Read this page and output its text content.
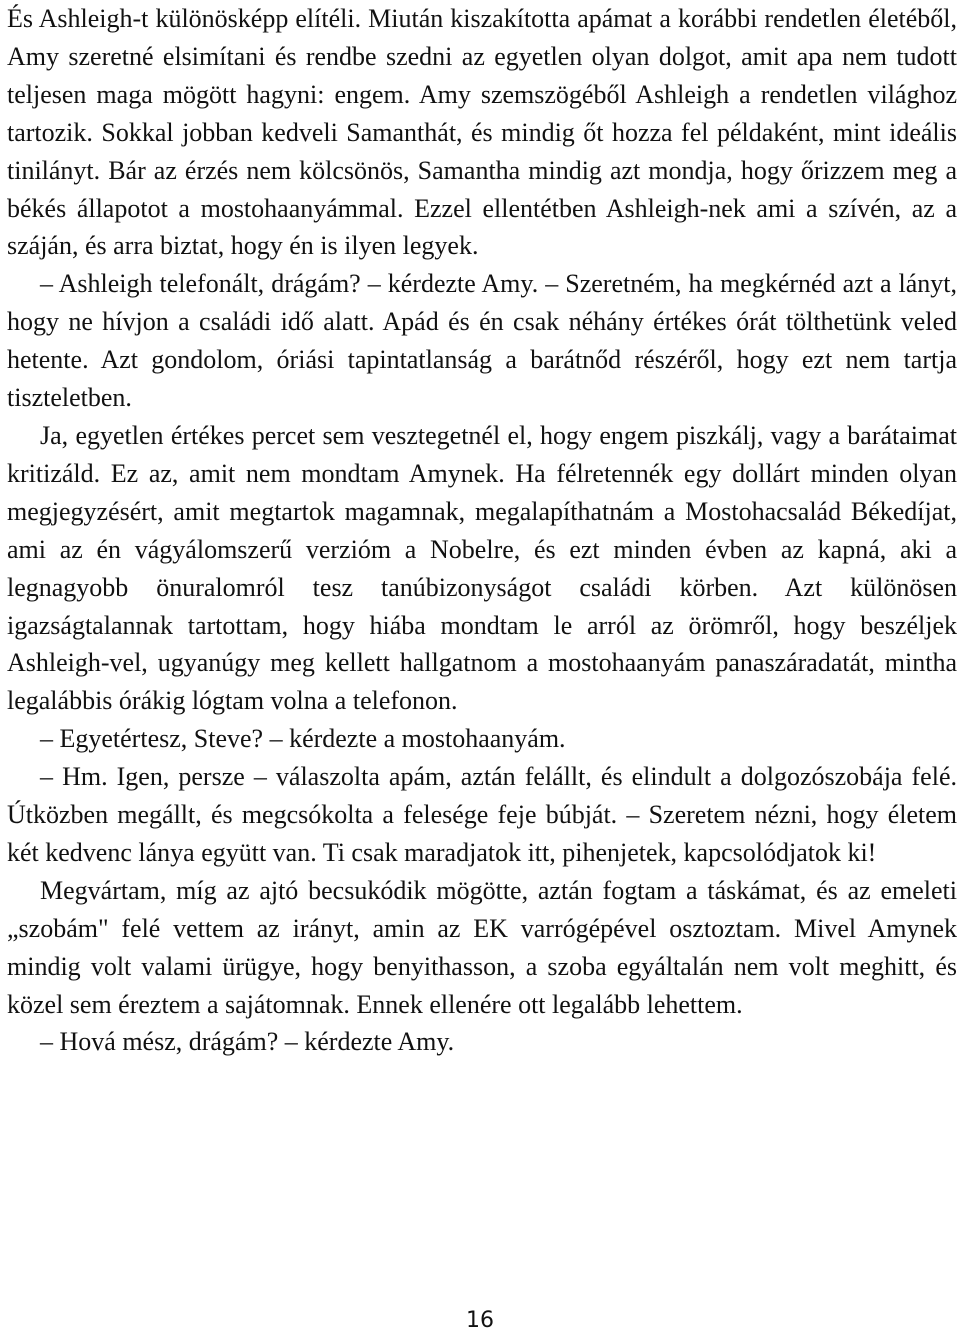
És Ashleigh-t különösképp elítéli. Miután kiszakította apámat a korábbi rendetlen életéből, Amy szeretné elsimítani és rendbe szedni az egyetlen olyan dolgot, amit apa nem tudott teljesen maga mögött hagyni: engem. Amy szemszögéből Ashleigh a rendetlen világhoz tartozik. Sokkal jobban kedveli Samanthát, és mindig őt hozza fel példaként, mint ideális tinilányt. Bár az érzés nem kölcsönös, Samantha mindig azt mondja, hogy őrizzem meg a békés állapotot a mostohaanyámmal. Ezzel ellentétben Ashleigh-nek ami a szívén, az a száján, és arra biztat, hogy én is ilyen legyek.

– Ashleigh telefonált, drágám? – kérdezte Amy. – Szeretném, ha megkérnéd azt a lányt, hogy ne hívjon a családi idő alatt. Apád és én csak néhány értékes órát tölthetünk veled hetente. Azt gondolom, óriási tapintatlanság a barátnőd részéről, hogy ezt nem tartja tiszteletben.

Ja, egyetlen értékes percet sem vesztegetnél el, hogy engem piszkálj, vagy a barátaimat kritizáld. Ez az, amit nem mondtam Amynek. Ha félretennék egy dollárt minden olyan megjegyzésért, amit megtartok magamnak, megalapíthatnám a Mostohacsalád Békedíjat, ami az én vágyálomszerű verzióm a Nobelre, és ezt minden évben az kapná, aki a legnagyobb önuralomról tesz tanúbizonyságot családi körben. Azt különösen igazságtalannak tartottam, hogy hiába mondtam le arról az örömről, hogy beszéljek Ashleigh-vel, ugyanúgy meg kellett hallgatnom a mostohaanyám panaszáradatát, mintha legalábbis órákig lógtam volna a telefonon.

– Egyetértesz, Steve? – kérdezte a mostohaanyám.

– Hm. Igen, persze – válaszolta apám, aztán felállt, és elindult a dolgozószobája felé. Útközben megállt, és megcsókolta a felesége feje búbját. – Szeretem nézni, hogy életem két kedvenc lánya együtt van. Ti csak maradjatok itt, pihenjetek, kapcsolódjatok ki!

Megvártam, míg az ajtó becsukódik mögötte, aztán fogtam a táskámat, és az emeleti „szobám" felé vettem az irányt, amin az EK varrógépével osztoztam. Mivel Amynek mindig volt valami ürügye, hogy benyithasson, a szoba egyáltalán nem volt meghitt, és közel sem éreztem a sajátomnak. Ennek ellenére ott legalább lehettem.

– Hová mész, drágám? – kérdezte Amy.

16
